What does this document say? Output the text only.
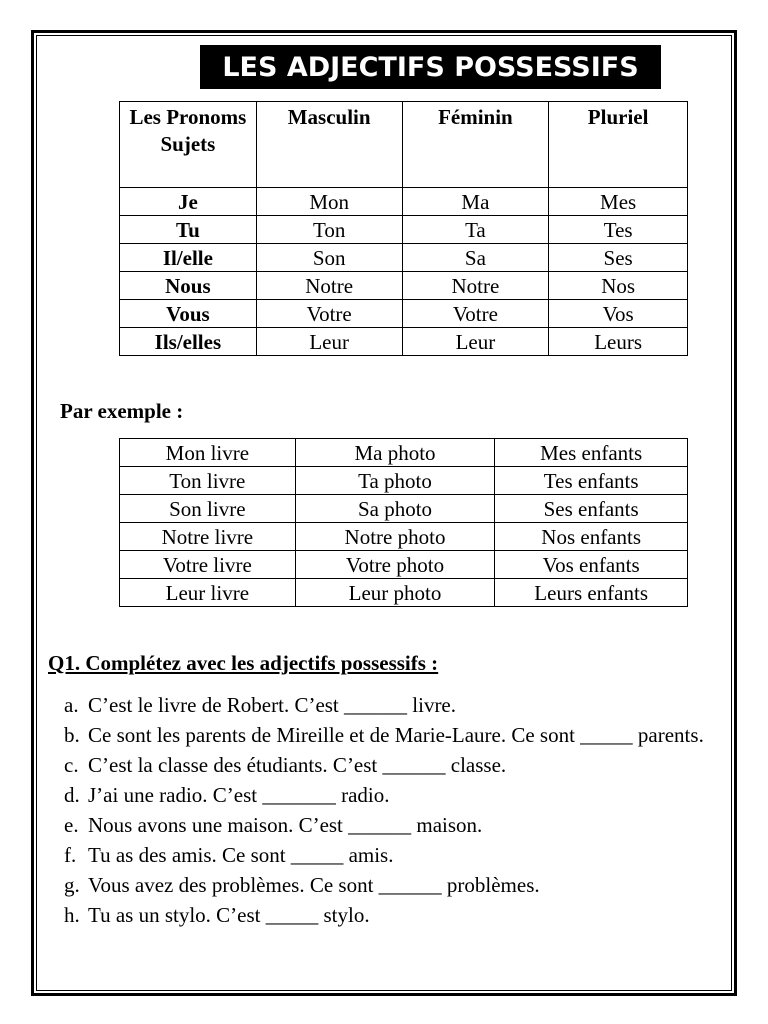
LES ADJECTIFS POSSESSIFS
Les Pronoms Sujets	Masculin	Féminin	Pluriel
Je	Mon	Ma	Mes
Tu	Ton	Ta	Tes
Il/elle	Son	Sa	Ses
Nous	Notre	Notre	Nos
Vous	Votre	Votre	Vos
Ils/elles	Leur	Leur	Leurs
Par exemple :
Mon livre	Ma photo	Mes enfants
Ton livre	Ta photo	Tes enfants
Son livre	Sa photo	Ses enfants
Notre livre	Notre photo	Nos enfants
Votre livre	Votre photo	Vos enfants
Leur livre	Leur photo	Leurs enfants
Q1. Complétez avec les adjectifs possessifs :
a. C’est le livre de Robert. C’est ______ livre.
b. Ce sont les parents de Mireille et de Marie-Laure. Ce sont _____ parents.
c. C’est la classe des étudiants. C’est ______ classe.
d. J’ai une radio. C’est _______ radio.
e. Nous avons une maison. C’est ______ maison.
f. Tu as des amis. Ce sont _____ amis.
g. Vous avez des problèmes. Ce sont ______ problèmes.
h. Tu as un stylo. C’est _____ stylo.
